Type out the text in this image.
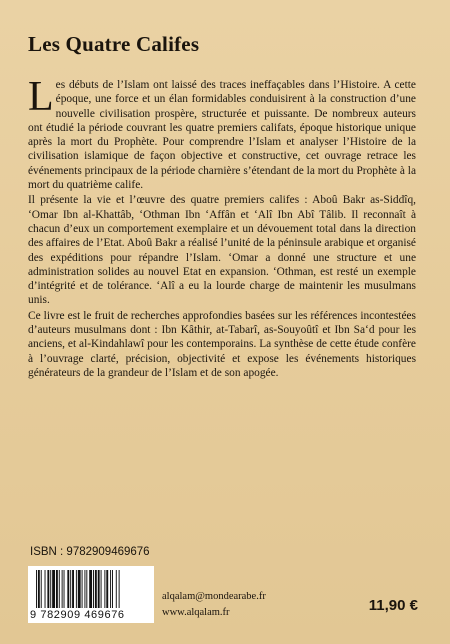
Les Quatre Califes

Les débuts de l’Islam ont laissé des traces ineffaçables dans l’Histoire. A cette époque, une force et un élan formidables conduisirent à la construction d’une nouvelle civilisation prospère, structurée et puissante. De nombreux auteurs ont étudié la période couvrant les quatre premiers califats, époque historique unique après la mort du Prophète. Pour comprendre l’Islam et analyser l’Histoire de la civilisation islamique de façon objective et constructive, cet ouvrage retrace les événements principaux de la période charnière s’étendant de la mort du Prophète à la mort du quatrième calife.

Il présente la vie et l’œuvre des quatre premiers califes : Aboû Bakr as-Siddîq, ‘Omar Ibn al-Khattâb, ‘Othman Ibn ‘Affân et ‘Alî Ibn Abî Tâlib. Il reconnaît à chacun d’eux un comportement exemplaire et un dévouement total dans la direction des affaires de l’Etat. Aboû Bakr a réalisé l’unité de la péninsule arabique et organisé des expéditions pour répandre l’Islam. ‘Omar a donné une structure et une administration solides au nouvel Etat en expansion. ‘Othman, est resté un exemple d’intégrité et de tolérance. ‘Alî a eu la lourde charge de maintenir les musulmans unis.

Ce livre est le fruit de recherches approfondies basées sur les références incontestées d’auteurs musulmans dont : Ibn Kâthir, at-Tabarî, as-Souyoûtî et Ibn Sa‘d pour les anciens, et al-Kindahlawî pour les contemporains. La synthèse de cette étude confère à l’ouvrage clarté, précision, objectivité et expose les événements historiques générateurs de la grandeur de l’Islam et de son apogée.

ISBN : 9782909469676
9 782909 469676
alqalam@mondearabe.fr
www.alqalam.fr	11,90 €
